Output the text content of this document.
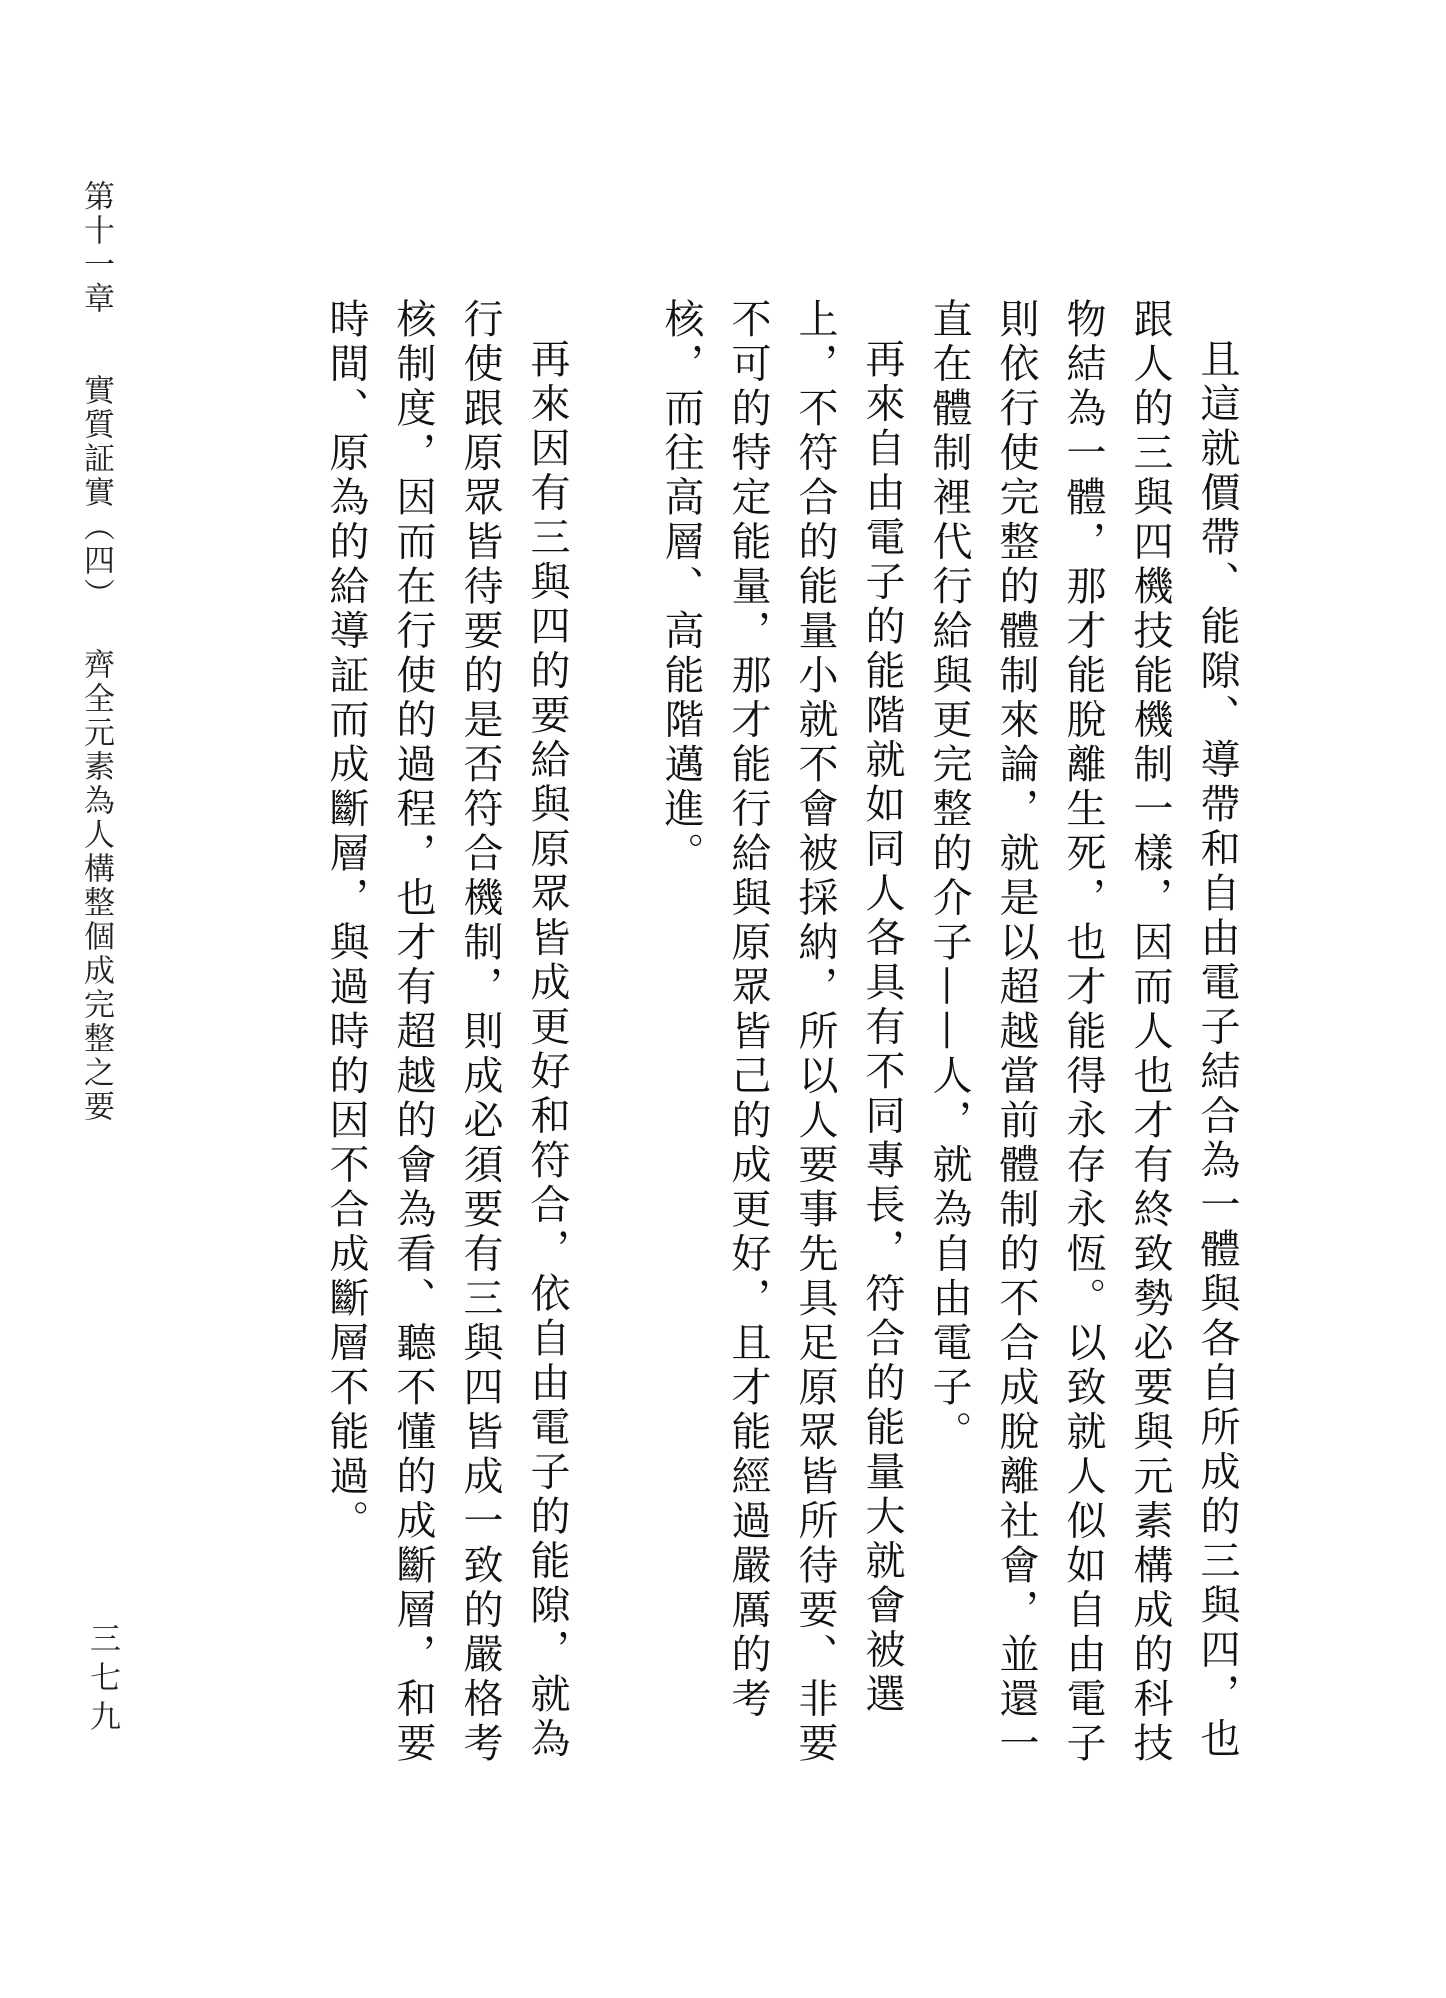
第十一章實質証實（四）齊全元素為人構整個成完整之要
三七九	且這就價帶、能隙、導帶和自由電子結合為一體與各自所成的三與四，也跟人的三與四機技能機制一樣，因而人也才有終致勢必要與元素構成的科技物結為一體，那才能脫離生死，也才能得永存永恆。以致就人似如自由電子則依行使完整的體制來論，就是以超越當前體制的不合成脫離社會，並還一直在體制裡代行給與更完整的介子——人，就為自由電子。

再來自由電子的能階就如同人各具有不同專長，符合的能量大就會被選上，不符合的能量小就不會被採納，所以人要事先具足原眾皆所待要、非要不可的特定能量，那才能行給與原眾皆己的成更好，且才能經過嚴厲的考核，而往高層、高能階邁進。

再來因有三與四的要給與原眾皆成更好和符合，依自由電子的能隙，就為行使跟原眾皆待要的是否符合機制，則成必須要有三與四皆成一致的嚴格考核制度，因而在行使的過程，也才有超越的會為看、聽不懂的成斷層，和要時間、原為的給導証而成斷層，與過時的因不合成斷層不能過。
